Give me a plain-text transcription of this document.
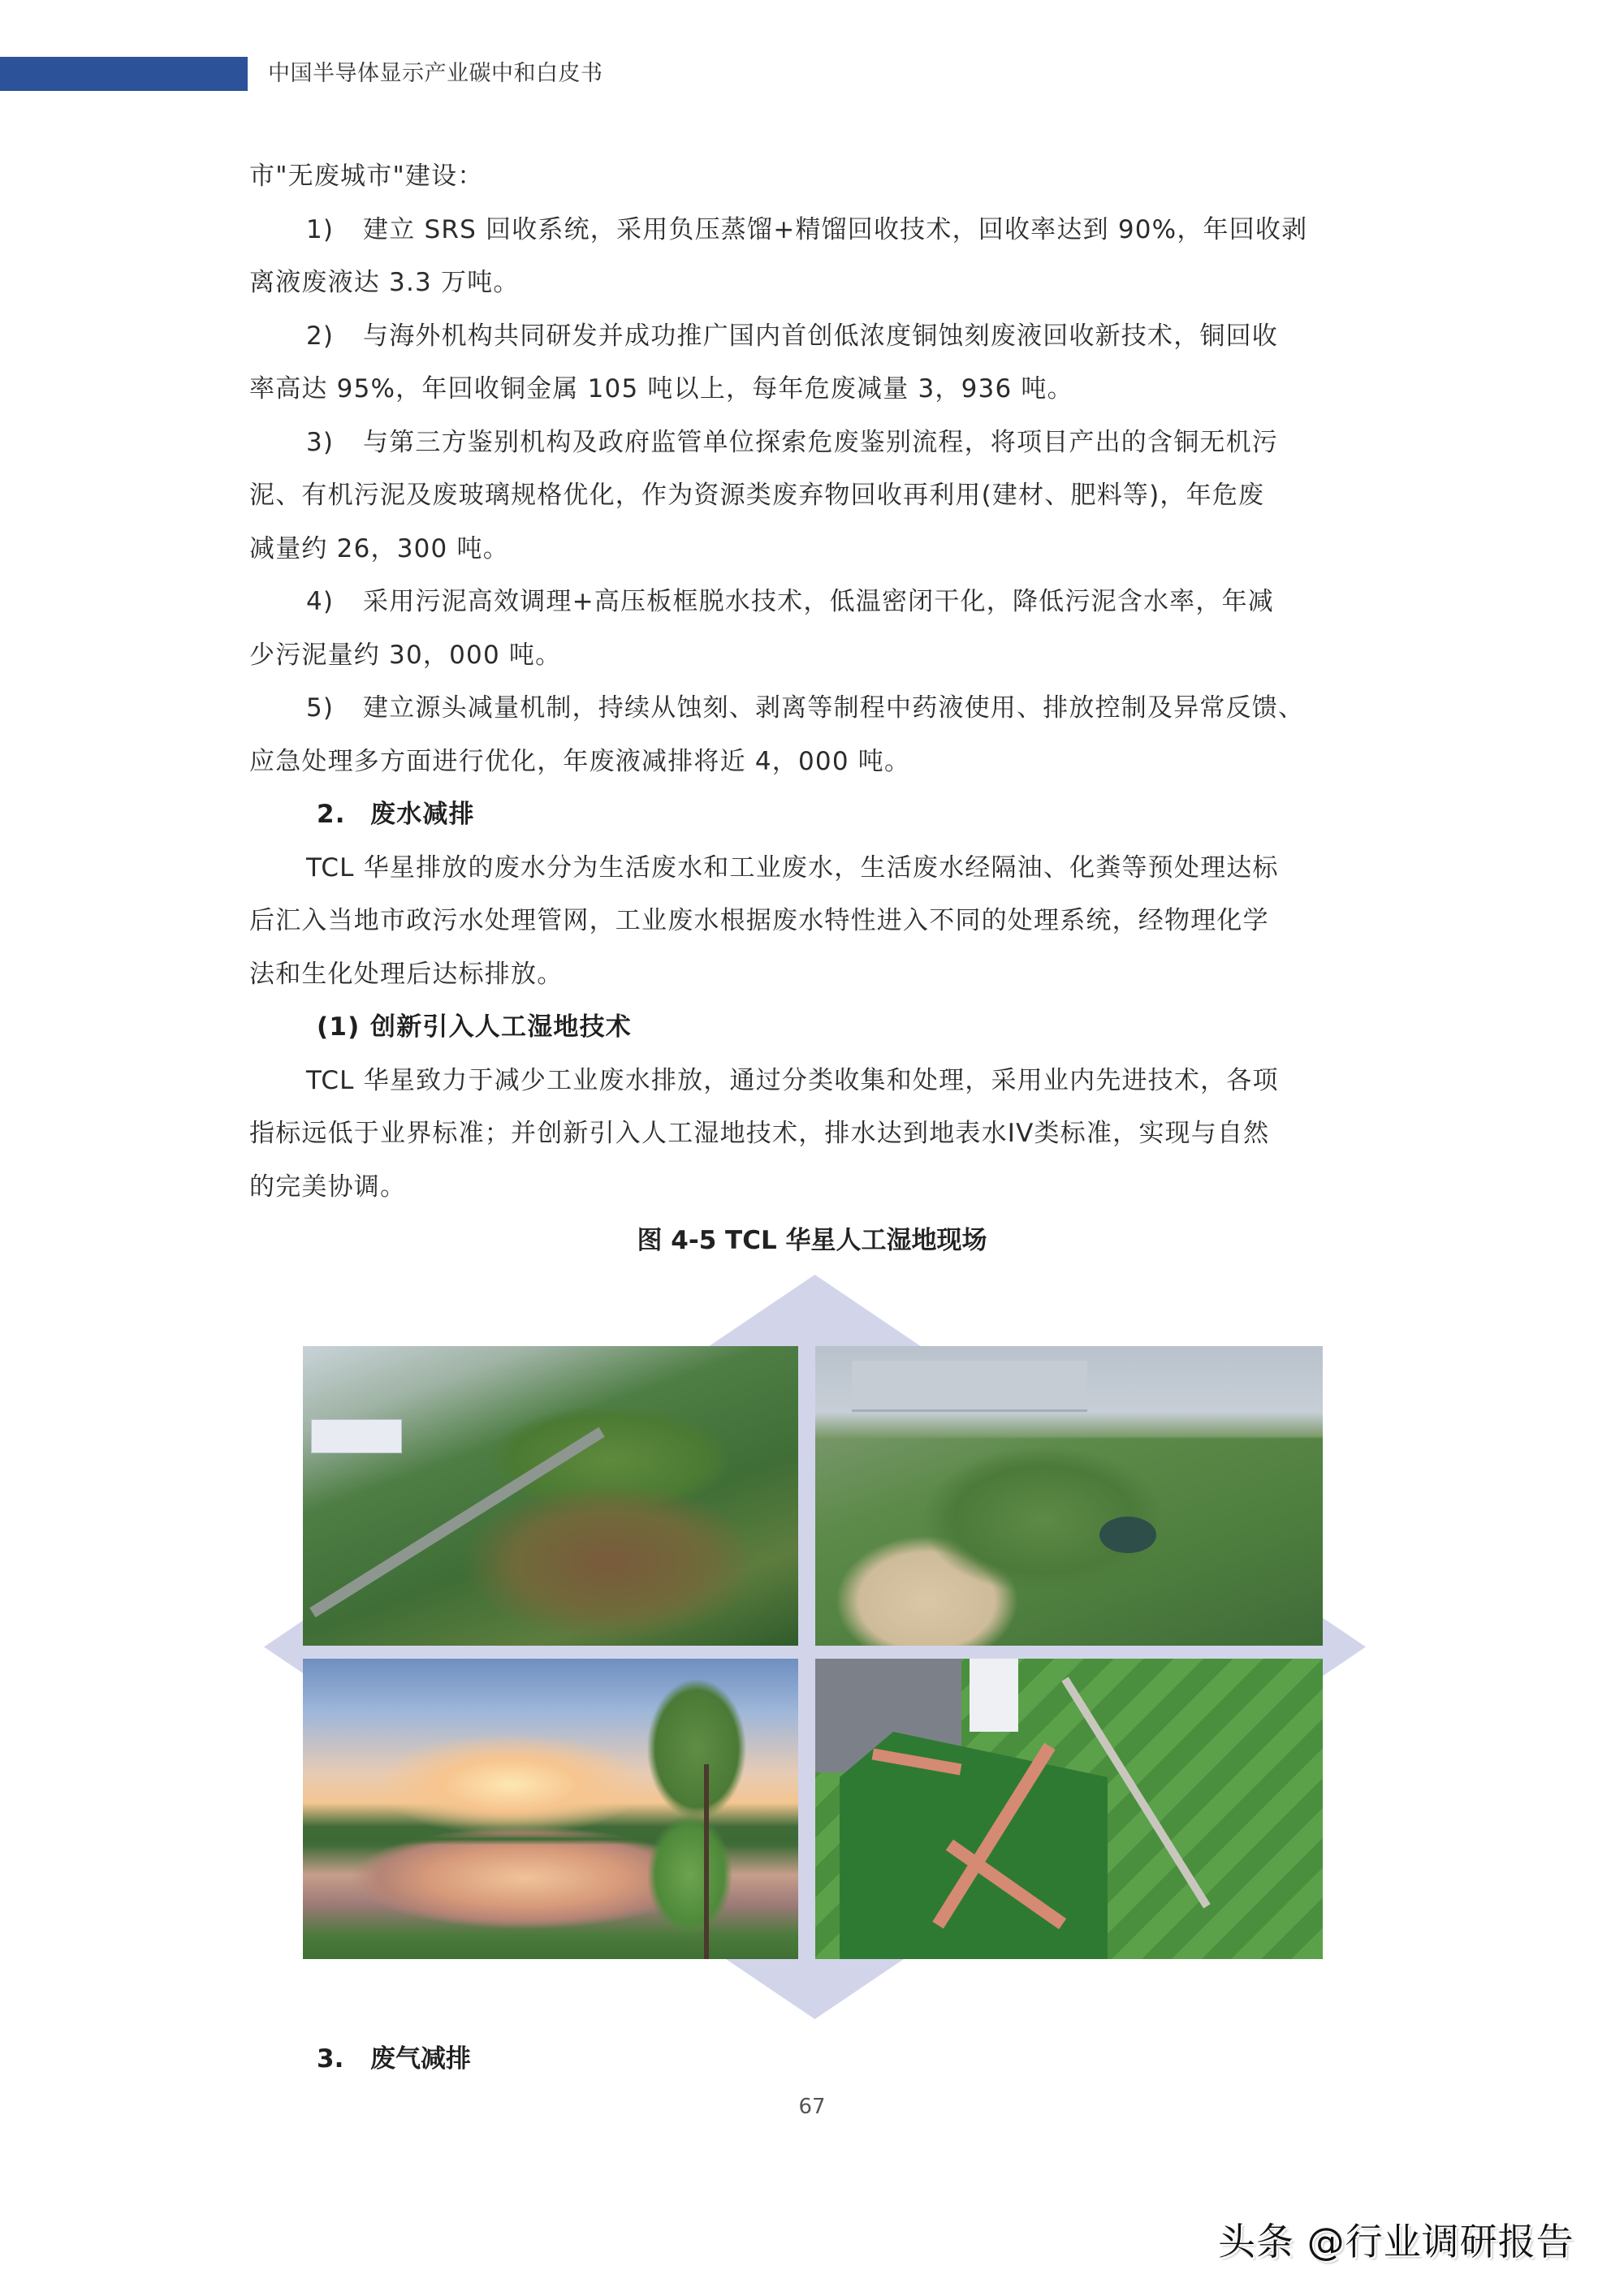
中国半导体显示产业碳中和白皮书
市"无废城市"建设：
1) 建立 SRS 回收系统，采用负压蒸馏+精馏回收技术，回收率达到 90%，年回收剥
离液废液达 3.3 万吨。
2) 与海外机构共同研发并成功推广国内首创低浓度铜蚀刻废液回收新技术，铜回收
率高达 95%，年回收铜金属 105 吨以上，每年危废减量 3，936 吨。
3) 与第三方鉴别机构及政府监管单位探索危废鉴别流程，将项目产出的含铜无机污
泥、有机污泥及废玻璃规格优化，作为资源类废弃物回收再利用(建材、肥料等)，年危废
减量约 26，300 吨。
4) 采用污泥高效调理+高压板框脱水技术，低温密闭干化，降低污泥含水率，年减
少污泥量约 30，000 吨。
5) 建立源头减量机制，持续从蚀刻、剥离等制程中药液使用、排放控制及异常反馈、
应急处理多方面进行优化，年废液减排将近 4，000 吨。
2. 废水减排
TCL 华星排放的废水分为生活废水和工业废水，生活废水经隔油、化粪等预处理达标
后汇入当地市政污水处理管网，工业废水根据废水特性进入不同的处理系统，经物理化学
法和生化处理后达标排放。
(1) 创新引入人工湿地技术
TCL 华星致力于减少工业废水排放，通过分类收集和处理，采用业内先进技术，各项
指标远低于业界标准；并创新引入人工湿地技术，排水达到地表水IV类标准，实现与自然
的完美协调。
图 4-5 TCL 华星人工湿地现场
3. 废气减排
67
头条 @行业调研报告
